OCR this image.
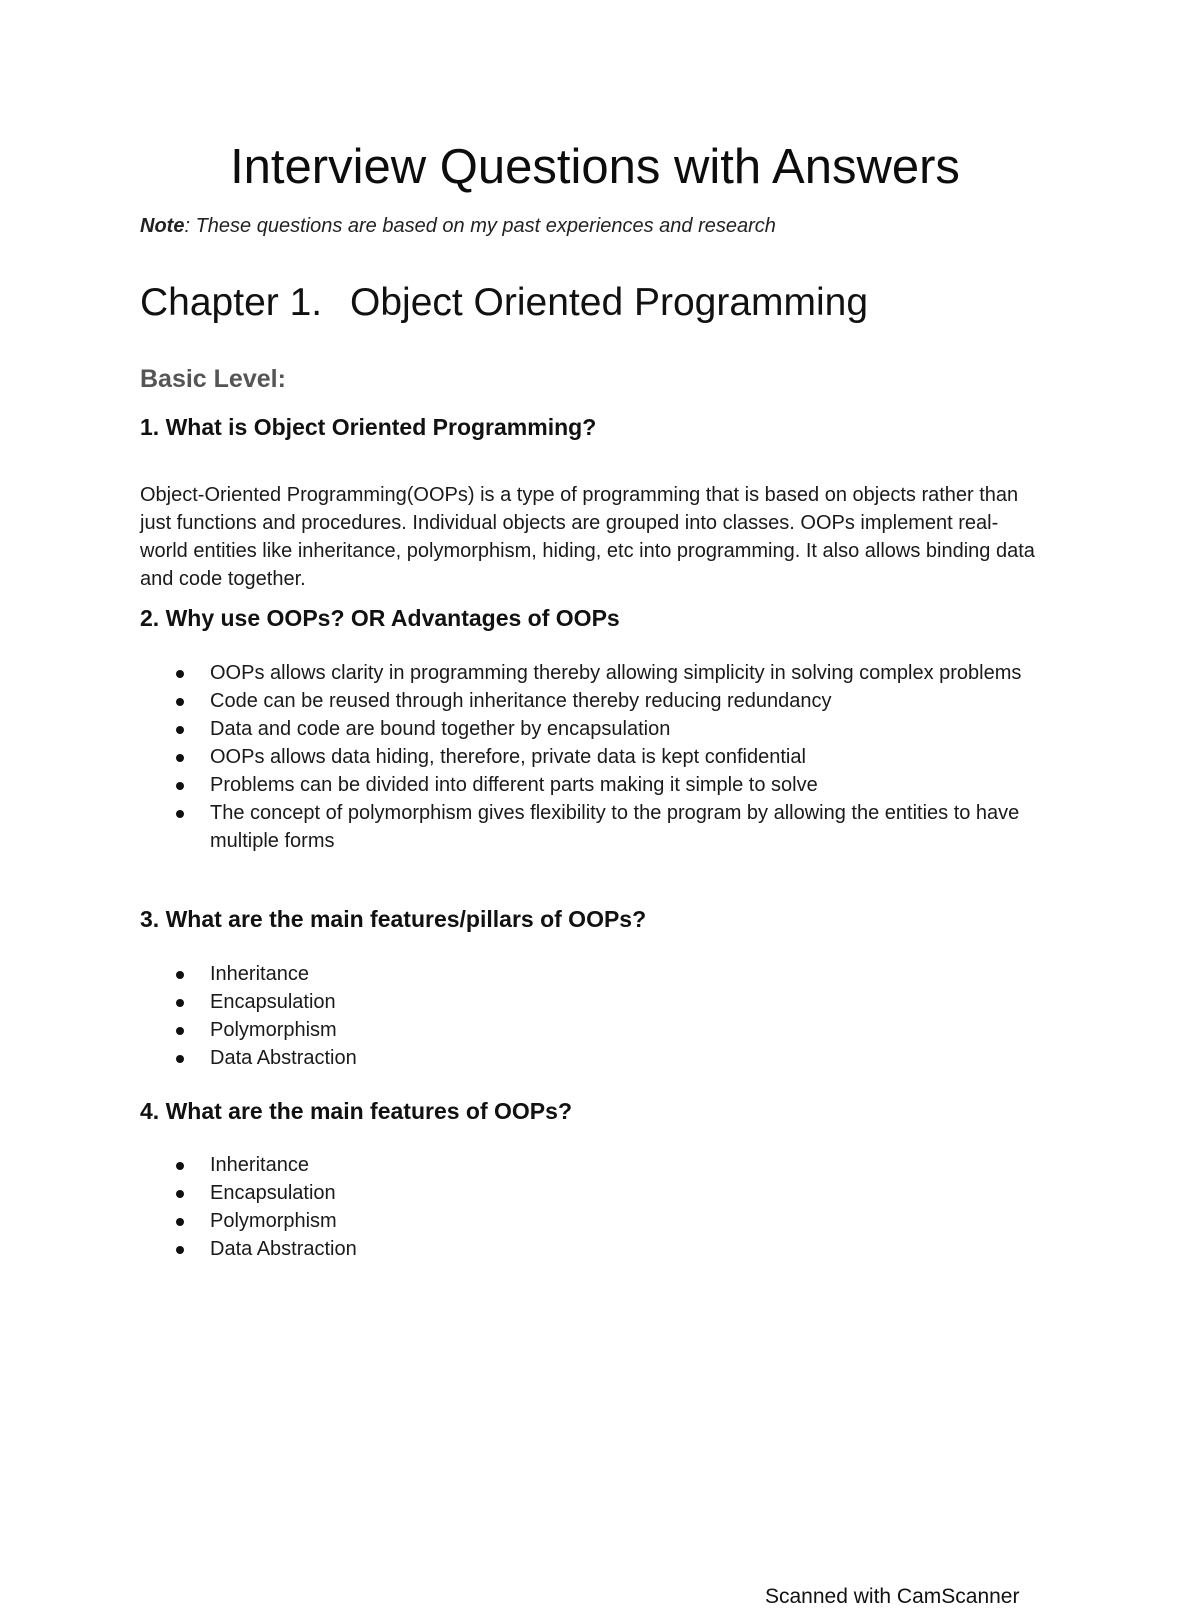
Interview Questions with Answers

Note: These questions are based on my past experiences and research

Chapter 1. Object Oriented Programming
Basic Level:
1. What is Object Oriented Programming?

Object-Oriented Programming(OOPs) is a type of programming that is based on objects rather than just functions and procedures. Individual objects are grouped into classes. OOPs implement real-world entities like inheritance, polymorphism, hiding, etc into programming. It also allows binding data and code together.

2. Why use OOPs? OR Advantages of OOPs
OOPs allows clarity in programming thereby allowing simplicity in solving complex problems
Code can be reused through inheritance thereby reducing redundancy
Data and code are bound together by encapsulation
OOPs allows data hiding, therefore, private data is kept confidential
Problems can be divided into different parts making it simple to solve
The concept of polymorphism gives flexibility to the program by allowing the entities to have multiple forms
3. What are the main features/pillars of OOPs?
Inheritance
Encapsulation
Polymorphism
Data Abstraction
4. What are the main features of OOPs?
Inheritance
Encapsulation
Polymorphism
Data Abstraction

Scanned with CamScanner
